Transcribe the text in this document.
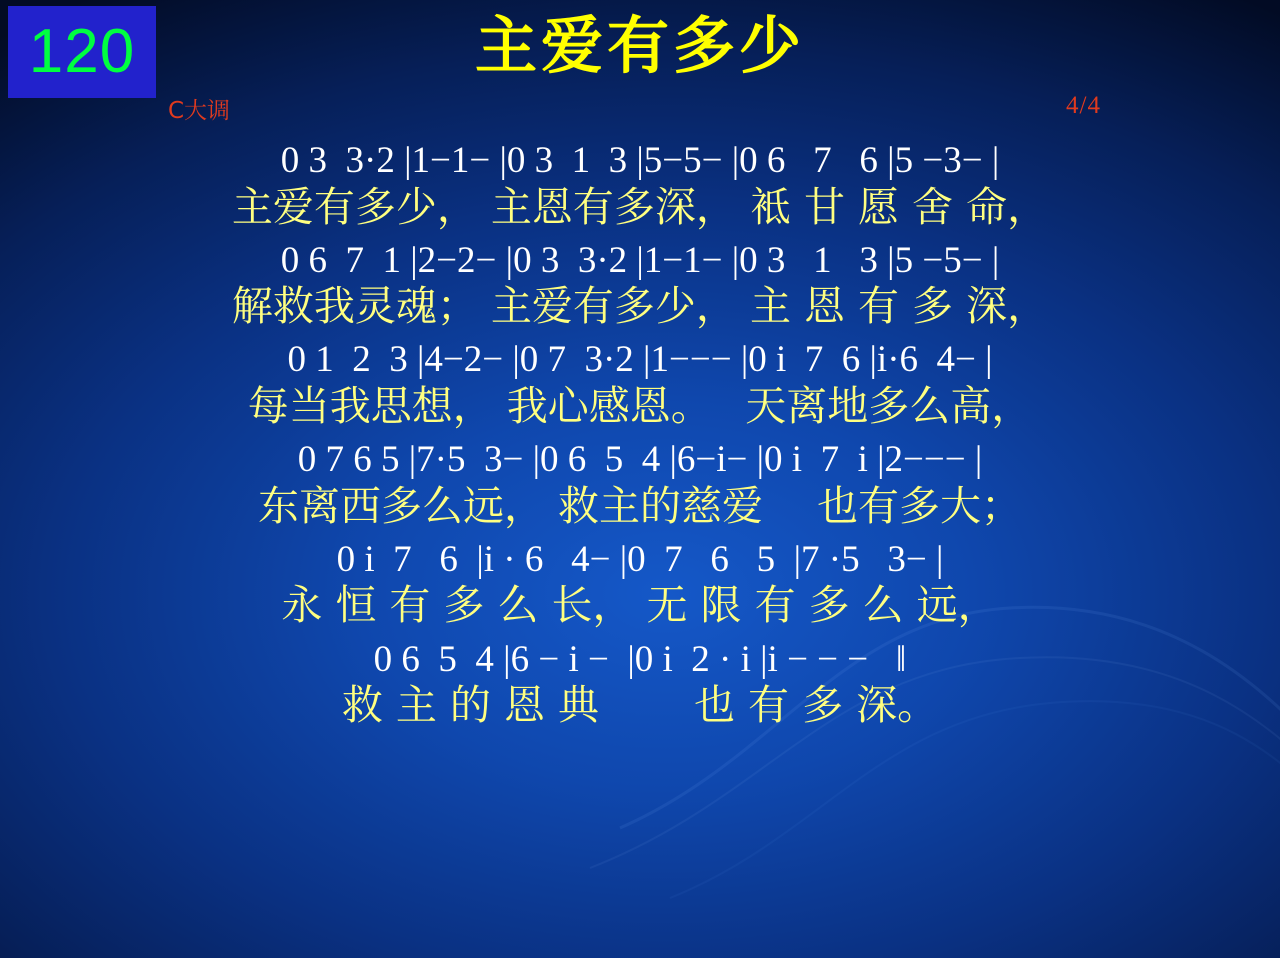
120	主爱有多少
C大调	4/4
0 3  3·2 |1−1− |0 3  1  3 |5−5− |0 6   7   6 |5 −3− |
主爱有多少， 主恩有多深， 袛 甘 愿 舍 命，
0 6  7  1 |2−2− |0 3  3·2 |1−1− |0 3   1   3 |5 −5− |
解救我灵魂； 主爱有多少， 主 恩 有 多 深，
0 1  2  3 |4−2− |0 7  3·2 |1−−− |0 i  7  6 |i·6  4− |
每当我思想， 我心感恩。　 天离地多么高，
0 7 6 5 |7·5  3− |0 6  5  4 |6−i− |0 i  7  i |2−−− |
东离西多么远， 救主的慈爱　 也有多大；
0 i  7   6  |i · 6   4− |0  7   6   5  |7 ·5   3− |
永 恒 有 多 么 长， 无 限 有 多 么 远，
0 6  5  4 |6 − i −  |0 i  2 · i |i − − −   ‖
救 主 的 恩 典　　 也 有 多 深。
